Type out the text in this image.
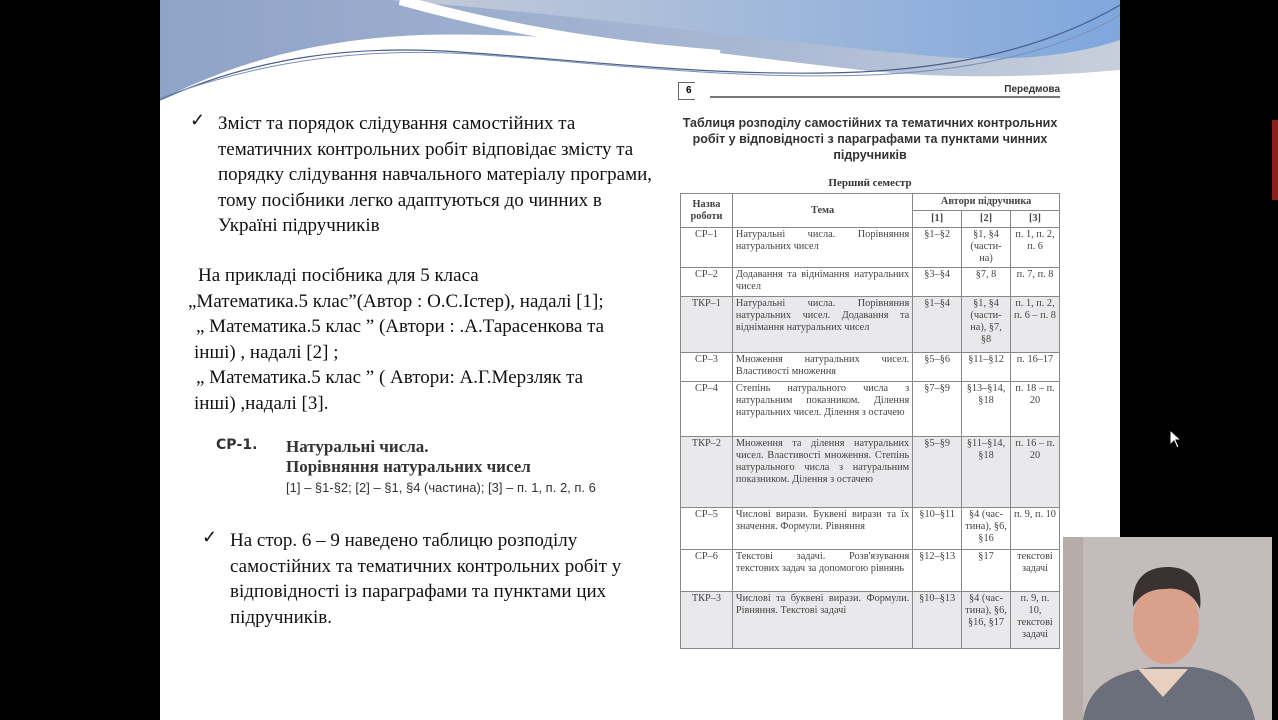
✓ Зміст та порядок слідування самостійних та тематичних контрольних робіт відповідає змісту та порядку слідування навчального матеріалу програми, тому посібники легко адаптуються до чинних в Україні підручників
На прикладі посібника для 5 класа
„Математика.5 клас”(Автор : О.С.Істер), надалі [1];
„ Математика.5 клас ” (Автори : .А.Тарасенкова та
інші) , надалі [2] ;
„ Математика.5 клас ” ( Автори: А.Г.Мерзляк та
інші) ,надалі [3].
СР-1. Натуральні числа.
Порівняння натуральних чисел
[1] – §1-§2; [2] – §1, §4 (частина); [3] – п. 1, п. 2, п. 6
✓ На стор. 6 – 9 наведено таблицю розподілу самостійних та тематичних контрольних робіт у відповідності із параграфами та пунктами цих підручників.
6	Передмова
Таблиця розподілу самостійних та тематичних контрольних робіт у відповідності з параграфами та пунктами чинних підручників
Перший семестр
Назва роботи	Тема	Автори підручника		
		[1]	[2]	[3]
СР–1	Натуральні числа. Порівняння натуральних чисел	§1–§2	§1, §4 (части-на)	п. 1, п. 2, п. 6
СР–2	Додавання та віднімання натуральних чисел	§3–§4	§7, 8	п. 7, п. 8
ТКР–1	Натуральні числа. Порівняння натуральних чисел. Додавання та віднімання натуральних чисел	§1–§4	§1, §4 (части-на), §7, §8	п. 1, п. 2, п. 6 – п. 8
СР–3	Множення натуральних чисел. Властивості множення	§5–§6	§11–§12	п. 16–17
СР–4	Степінь натурального числа з натуральним показником. Ділення натуральних чисел. Ділення з остачею	§7–§9	§13–§14, §18	п. 18 – п. 20
ТКР–2	Множення та ділення натуральних чисел. Властивості множення. Степінь натурального числа з натуральним показником. Ділення з остачею	§5–§9	§11–§14, §18	п. 16 – п. 20
СР–5	Числові вирази. Буквені вирази та їх значення. Формули. Рівняння	§10–§11	§4 (час-тина), §6, §16	п. 9, п. 10
СР–6	Текстові задачі. Розв'язування текстових задач за допомогою рівнянь	§12–§13	§17	текстові задачі
ТКР–3	Числові та буквені вирази. Формули. Рівняння. Текстові задачі	§10–§13	§4 (час-тина), §6, §16, §17	п. 9, п. 10, текстові задачі
